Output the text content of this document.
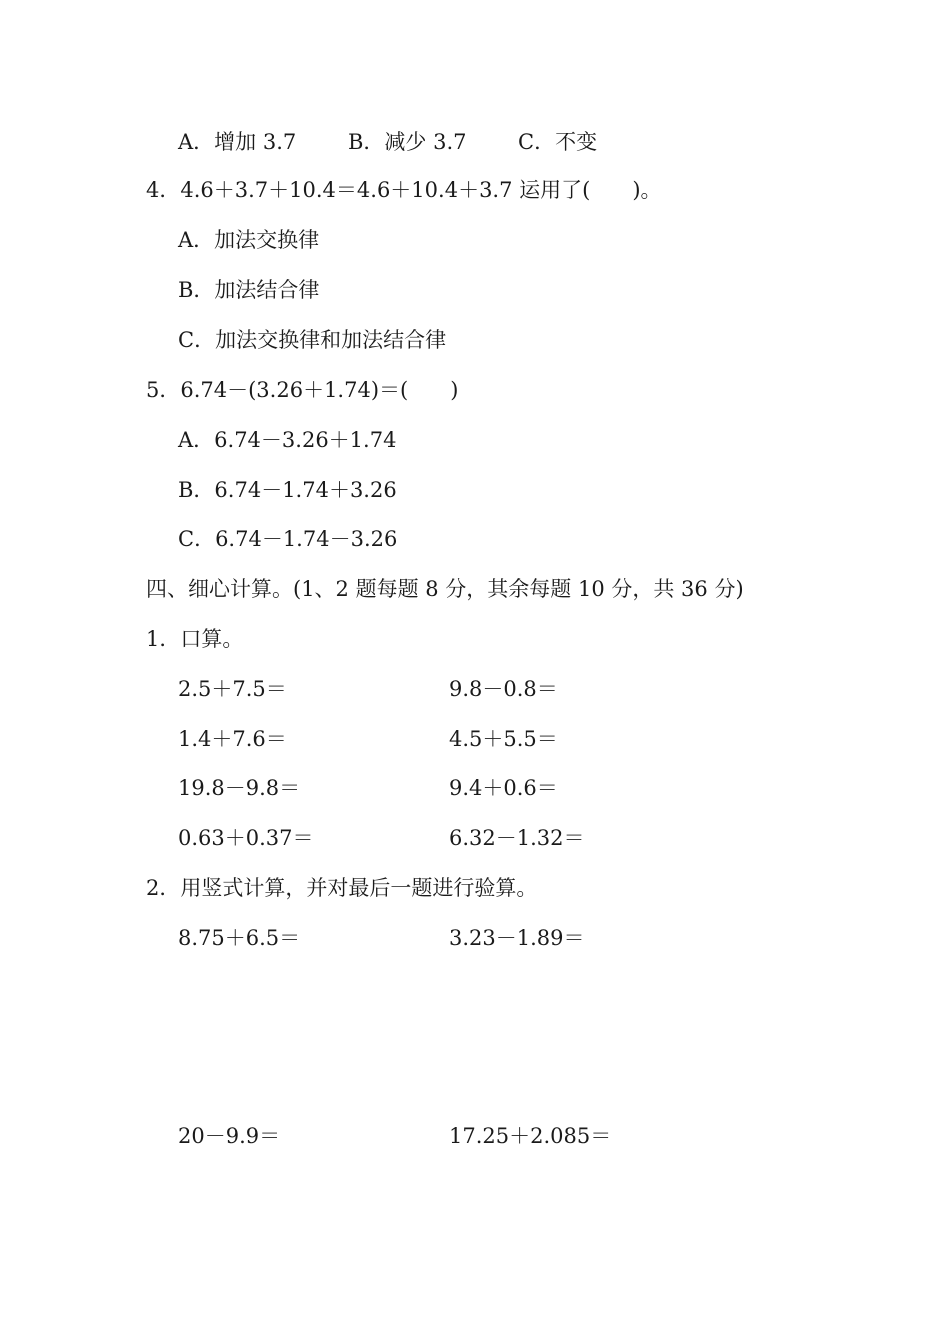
A．增加 3.7 B．减少 3.7 C．不变
4．4.6＋3.7＋10.4＝4.6＋10.4＋3.7 运用了(　　)。
A．加法交换律
B．加法结合律
C．加法交换律和加法结合律
5．6.74－(3.26＋1.74)＝(　　)
A．6.74－3.26＋1.74
B．6.74－1.74＋3.26
C．6.74－1.74－3.26
四、细心计算。(1、2 题每题 8 分，其余每题 10 分，共 36 分)
1．口算。
2.5＋7.5＝	9.8－0.8＝
1.4＋7.6＝	4.5＋5.5＝
19.8－9.8＝	9.4＋0.6＝
0.63＋0.37＝	6.32－1.32＝
2．用竖式计算，并对最后一题进行验算。
8.75＋6.5＝	3.23－1.89＝
20－9.9＝	17.25＋2.085＝
